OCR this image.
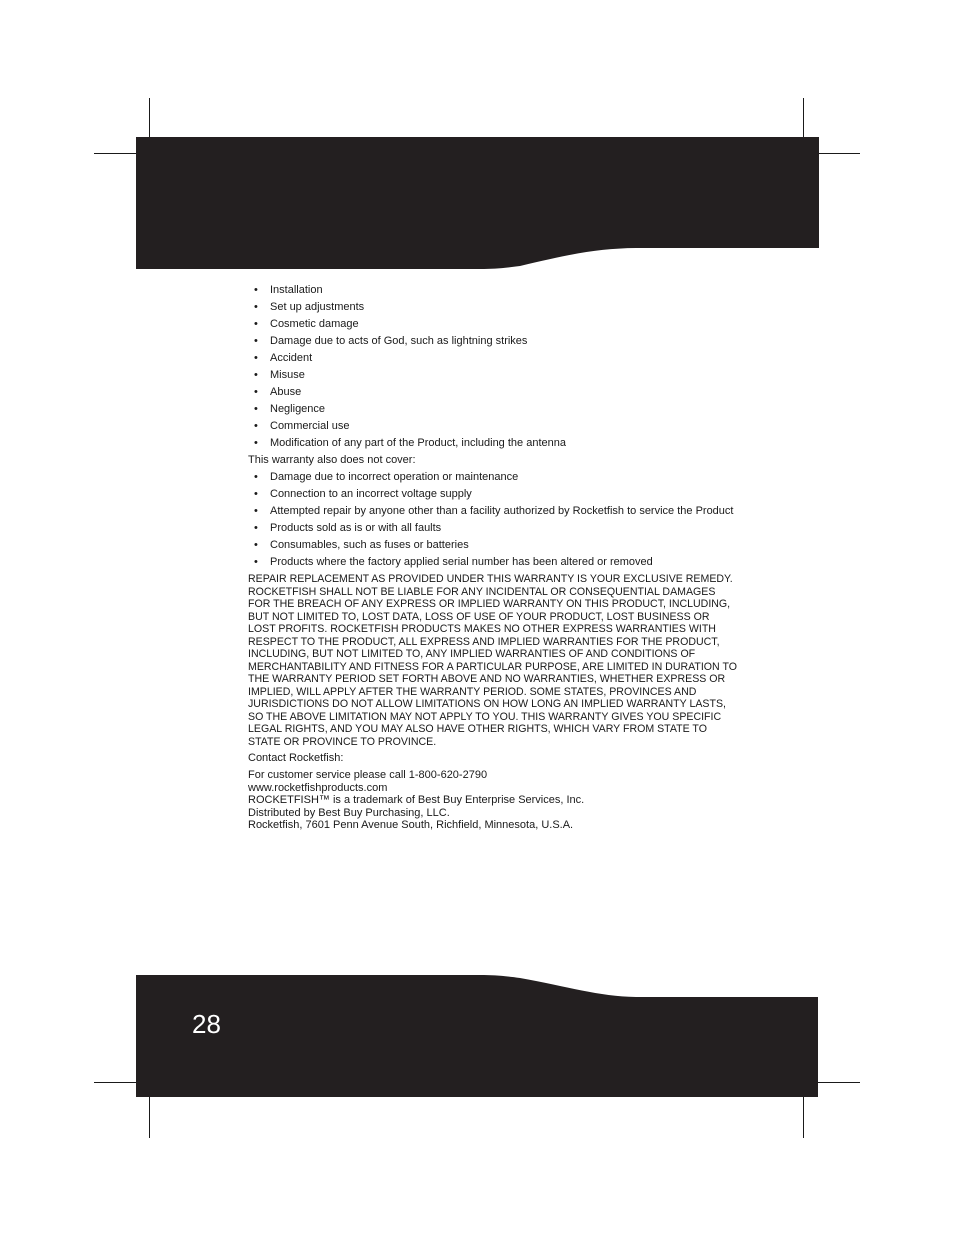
• Installation
• Set up adjustments
• Cosmetic damage
• Damage due to acts of God, such as lightning strikes
• Accident
• Misuse
• Abuse
• Negligence
• Commercial use
• Modification of any part of the Product, including the antenna

This warranty also does not cover:

• Damage due to incorrect operation or maintenance
• Connection to an incorrect voltage supply
• Attempted repair by anyone other than a facility authorized by Rocketfish to service the Product
• Products sold as is or with all faults
• Consumables, such as fuses or batteries
• Products where the factory applied serial number has been altered or removed

REPAIR REPLACEMENT AS PROVIDED UNDER THIS WARRANTY IS YOUR EXCLUSIVE REMEDY. ROCKETFISH SHALL NOT BE LIABLE FOR ANY INCIDENTAL OR CONSEQUENTIAL DAMAGES FOR THE BREACH OF ANY EXPRESS OR IMPLIED WARRANTY ON THIS PRODUCT, INCLUDING, BUT NOT LIMITED TO, LOST DATA, LOSS OF USE OF YOUR PRODUCT, LOST BUSINESS OR LOST PROFITS. ROCKETFISH PRODUCTS MAKES NO OTHER EXPRESS WARRANTIES WITH RESPECT TO THE PRODUCT, ALL EXPRESS AND IMPLIED WARRANTIES FOR THE PRODUCT, INCLUDING, BUT NOT LIMITED TO, ANY IMPLIED WARRANTIES OF AND CONDITIONS OF MERCHANTABILITY AND FITNESS FOR A PARTICULAR PURPOSE, ARE LIMITED IN DURATION TO THE WARRANTY PERIOD SET FORTH ABOVE AND NO WARRANTIES, WHETHER EXPRESS OR IMPLIED, WILL APPLY AFTER THE WARRANTY PERIOD. SOME STATES, PROVINCES AND JURISDICTIONS DO NOT ALLOW LIMITATIONS ON HOW LONG AN IMPLIED WARRANTY LASTS, SO THE ABOVE LIMITATION MAY NOT APPLY TO YOU. THIS WARRANTY GIVES YOU SPECIFIC LEGAL RIGHTS, AND YOU MAY ALSO HAVE OTHER RIGHTS, WHICH VARY FROM STATE TO STATE OR PROVINCE TO PROVINCE.

Contact Rocketfish:

For customer service please call 1-800-620-2790

www.rocketfishproducts.com

ROCKETFISH™ is a trademark of Best Buy Enterprise Services, Inc.

Distributed by Best Buy Purchasing, LLC.

Rocketfish, 7601 Penn Avenue South, Richfield, Minnesota, U.S.A.

28
